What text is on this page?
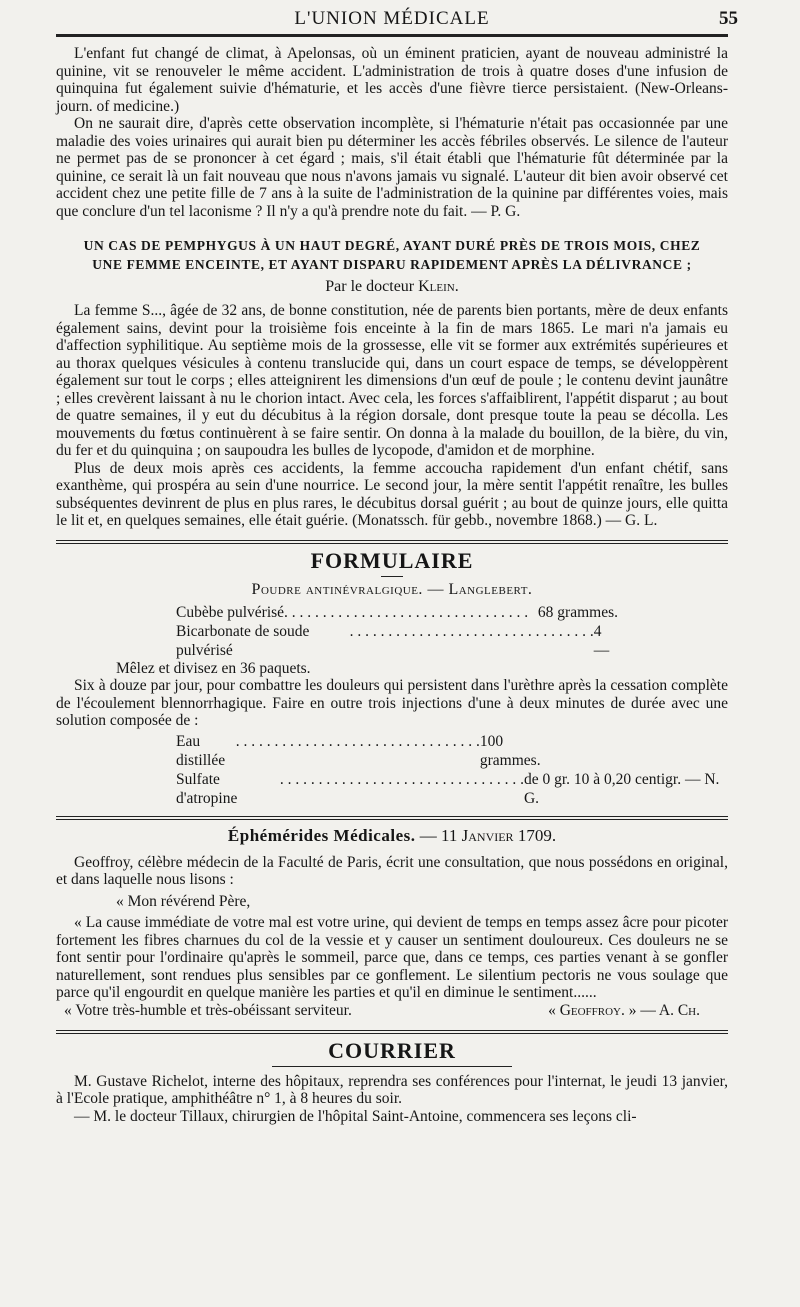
L'UNION MÉDICALE	55

L'enfant fut changé de climat, à Apelonsas, où un éminent praticien, ayant de nouveau administré la quinine, vit se renouveler le même accident. L'administration de trois à quatre doses d'une infusion de quinquina fut également suivie d'hématurie, et les accès d'une fièvre tierce persistaient. (New-Orleans-journ. of medicine.)

On ne saurait dire, d'après cette observation incomplète, si l'hématurie n'était pas occasionnée par une maladie des voies urinaires qui aurait bien pu déterminer les accès fébriles observés. Le silence de l'auteur ne permet pas de se prononcer à cet égard ; mais, s'il était établi que l'hématurie fût déterminée par la quinine, ce serait là un fait nouveau que nous n'avons jamais vu signalé. L'auteur dit bien avoir observé cet accident chez une petite fille de 7 ans à la suite de l'administration de la quinine par différentes voies, mais que conclure d'un tel laconisme ? Il n'y a qu'à prendre note du fait. — P. G.

UN CAS DE PEMPHYGUS À UN HAUT DEGRÉ, AYANT DURÉ PRÈS DE TROIS MOIS, CHEZ

UNE FEMME ENCEINTE, ET AYANT DISPARU RAPIDEMENT APRÈS LA DÉLIVRANCE ;

Par le docteur Klein.

La femme S..., âgée de 32 ans, de bonne constitution, née de parents bien portants, mère de deux enfants également sains, devint pour la troisième fois enceinte à la fin de mars 1865. Le mari n'a jamais eu d'affection syphilitique. Au septième mois de la grossesse, elle vit se former aux extrémités supérieures et au thorax quelques vésicules à contenu translucide qui, dans un court espace de temps, se développèrent également sur tout le corps ; elles atteignirent les dimensions d'un œuf de poule ; le contenu devint jaunâtre ; elles crevèrent laissant à nu le chorion intact. Avec cela, les forces s'affaiblirent, l'appétit disparut ; au bout de quatre semaines, il y eut du décubitus à la région dorsale, dont presque toute la peau se décolla. Les mouvements du fœtus continuèrent à se faire sentir. On donna à la malade du bouillon, de la bière, du vin, du fer et du quinquina ; on saupoudra les bulles de lycopode, d'amidon et de morphine.

Plus de deux mois après ces accidents, la femme accoucha rapidement d'un enfant chétif, sans exanthème, qui prospéra au sein d'une nourrice. Le second jour, la mère sentit l'appétit renaître, les bulles subséquentes devinrent de plus en plus rares, le décubitus dorsal guérit ; au bout de quinze jours, elle quitta le lit et, en quelques semaines, elle était guérie. (Monatssch. für gebb., novembre 1868.) — G. L.

FORMULAIRE
Poudre antinévralgique. — Langlebert.
Cubèbe pulvérisé . . . . . . . . . . . . . . . . . . . . . . . . . . . . . . . . 68 grammes.
Bicarbonate de soude pulvérisé
. . . . . . . . . . . . . . . . . . . . . . . . . . . . . . . . 4 —

Mêlez et divisez en 36 paquets.

Six à douze par jour, pour combattre les douleurs qui persistent dans l'urèthre après la cessation complète de l'écoulement blennorrhagique. Faire en outre trois injections d'une à deux minutes de durée avec une solution composée de :

Eau distillée
. . . . . . . . . . . . . . . . . . . . . . . . . . . . . . . . 100 grammes.
Sulfate d'atropine
. . . . . . . . . . . . . . . . . . . . . . . . . . . . . . . . de 0 gr. 10 à 0,20 centigr. — N. G.
Éphémérides Médicales. — 11 Janvier 1709.

Geoffroy, célèbre médecin de la Faculté de Paris, écrit une consultation, que nous possédons en original, et dans laquelle nous lisons :

« Mon révérend Père,

« La cause immédiate de votre mal est votre urine, qui devient de temps en temps assez âcre pour picoter fortement les fibres charnues du col de la vessie et y causer un sentiment douloureux. Ces douleurs ne se font sentir pour l'ordinaire qu'après le sommeil, parce que, dans ce temps, ces parties venant à se gonfler naturellement, sont rendues plus sensibles par ce gonflement. Le silentium pectoris ne vous soulage que parce qu'il engourdit en quelque manière les parties et qu'il en diminue le sentiment......

« Votre très-humble et très-obéissant serviteur.	« Geoffroy. » — A. Ch.
COURRIER

M. Gustave Richelot, interne des hôpitaux, reprendra ses conférences pour l'internat, le jeudi 13 janvier, à l'Ecole pratique, amphithéâtre n° 1, à 8 heures du soir.

— M. le docteur Tillaux, chirurgien de l'hôpital Saint-Antoine, commencera ses leçons cli-
